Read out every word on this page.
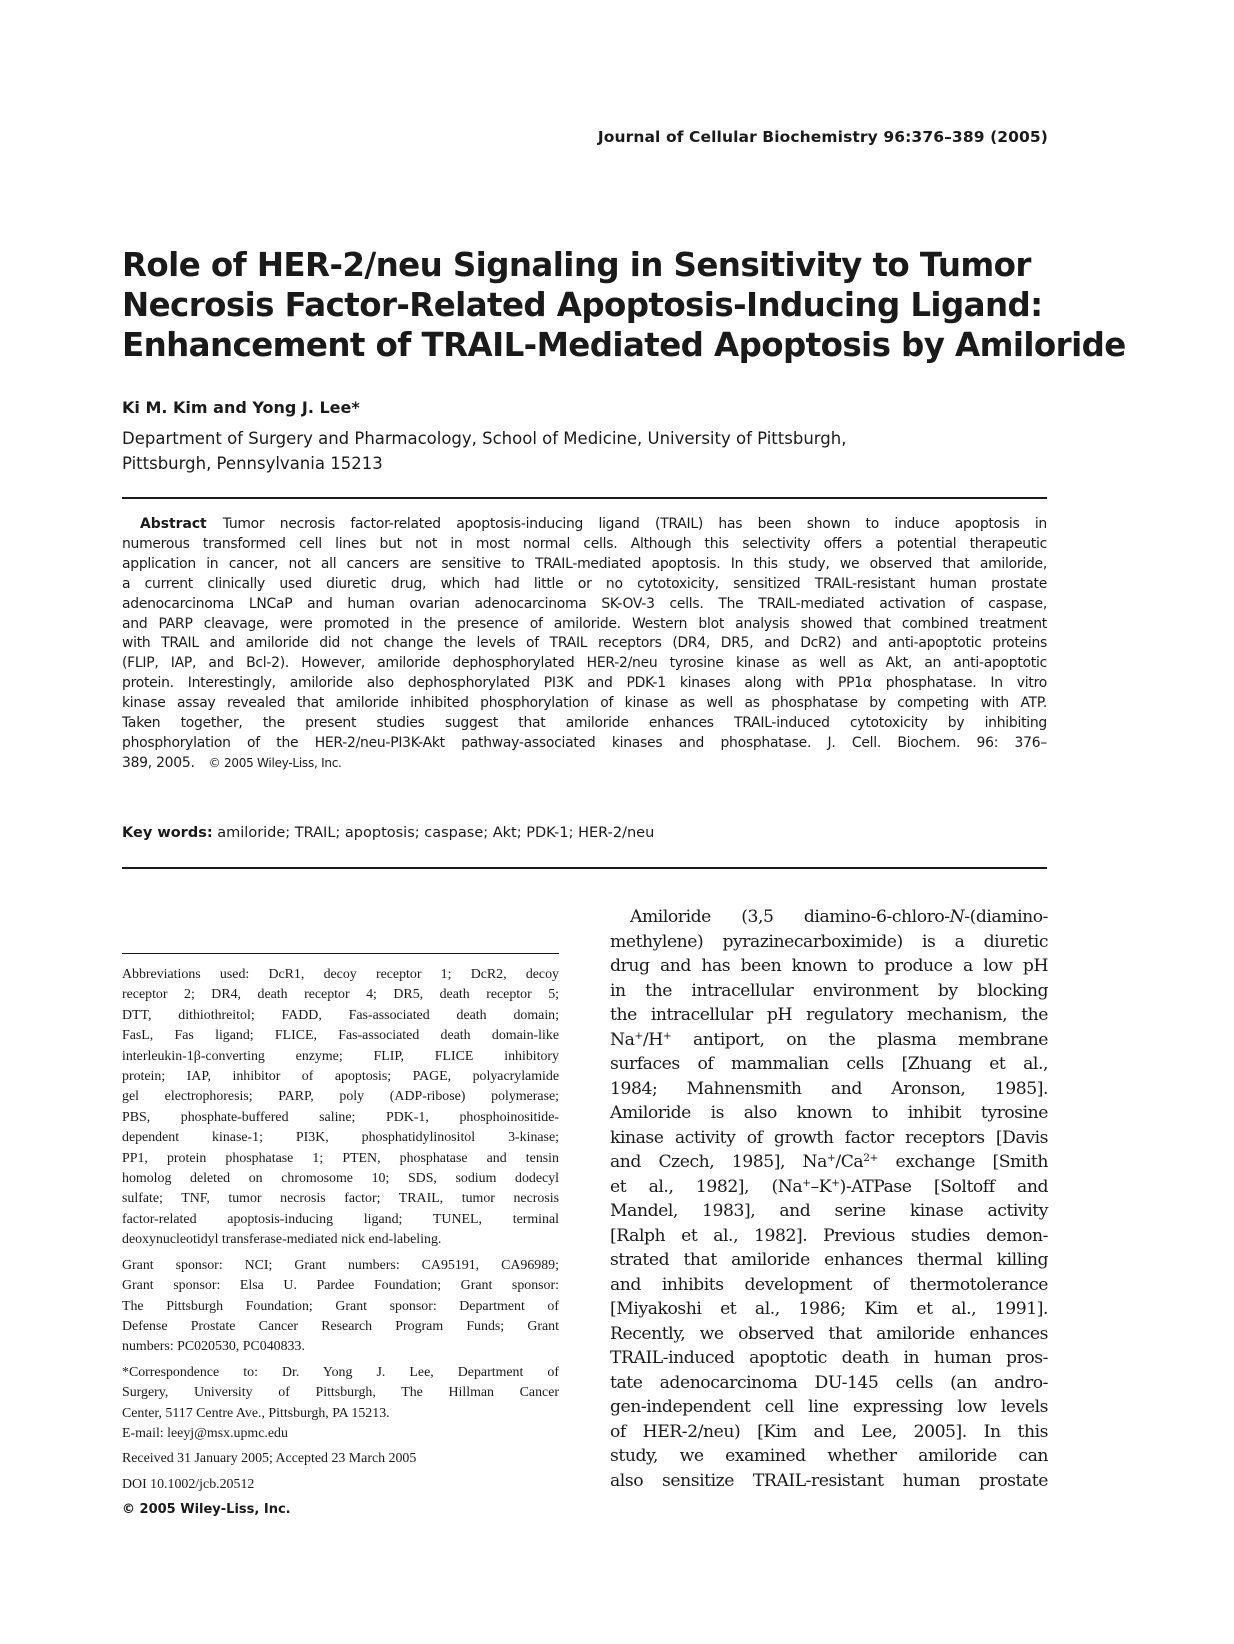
Journal of Cellular Biochemistry 96:376–389 (2005)
Role of HER-2/neu Signaling in Sensitivity to Tumor
Necrosis Factor-Related Apoptosis-Inducing Ligand:
Enhancement of TRAIL-Mediated Apoptosis by Amiloride
Ki M. Kim and Yong J. Lee*
Department of Surgery and Pharmacology, School of Medicine, University of Pittsburgh,
Pittsburgh, Pennsylvania 15213
Abstract Tumor necrosis factor-related apoptosis-inducing ligand (TRAIL) has been shown to induce apoptosis in
numerous transformed cell lines but not in most normal cells. Although this selectivity offers a potential therapeutic
application in cancer, not all cancers are sensitive to TRAIL-mediated apoptosis. In this study, we observed that amiloride,
a current clinically used diuretic drug, which had little or no cytotoxicity, sensitized TRAIL-resistant human prostate
adenocarcinoma LNCaP and human ovarian adenocarcinoma SK-OV-3 cells. The TRAIL-mediated activation of caspase,
and PARP cleavage, were promoted in the presence of amiloride. Western blot analysis showed that combined treatment
with TRAIL and amiloride did not change the levels of TRAIL receptors (DR4, DR5, and DcR2) and anti-apoptotic proteins
(FLIP, IAP, and Bcl-2). However, amiloride dephosphorylated HER-2/neu tyrosine kinase as well as Akt, an anti-apoptotic
protein. Interestingly, amiloride also dephosphorylated PI3K and PDK-1 kinases along with PP1α phosphatase. In vitro
kinase assay revealed that amiloride inhibited phosphorylation of kinase as well as phosphatase by competing with ATP.
Taken together, the present studies suggest that amiloride enhances TRAIL-induced cytotoxicity by inhibiting
phosphorylation of the HER-2/neu-PI3K-Akt pathway-associated kinases and phosphatase. J. Cell. Biochem. 96: 376–
389, 2005. © 2005 Wiley-Liss, Inc.
Key words: amiloride; TRAIL; apoptosis; caspase; Akt; PDK-1; HER-2/neu
Abbreviations used: DcR1, decoy receptor 1; DcR2, decoy
receptor 2; DR4, death receptor 4; DR5, death receptor 5;
DTT, dithiothreitol; FADD, Fas-associated death domain;
FasL, Fas ligand; FLICE, Fas-associated death domain-like
interleukin-1β-converting enzyme; FLIP, FLICE inhibitory
protein; IAP, inhibitor of apoptosis; PAGE, polyacrylamide
gel electrophoresis; PARP, poly (ADP-ribose) polymerase;
PBS, phosphate-buffered saline; PDK-1, phosphoinositide-
dependent kinase-1; PI3K, phosphatidylinositol 3-kinase;
PP1, protein phosphatase 1; PTEN, phosphatase and tensin
homolog deleted on chromosome 10; SDS, sodium dodecyl
sulfate; TNF, tumor necrosis factor; TRAIL, tumor necrosis
factor-related apoptosis-inducing ligand; TUNEL, terminal
deoxynucleotidyl transferase-mediated nick end-labeling.
Grant sponsor: NCI; Grant numbers: CA95191, CA96989;
Grant sponsor: Elsa U. Pardee Foundation; Grant sponsor:
The Pittsburgh Foundation; Grant sponsor: Department of
Defense Prostate Cancer Research Program Funds; Grant
numbers: PC020530, PC040833.
*Correspondence to: Dr. Yong J. Lee, Department of
Surgery, University of Pittsburgh, The Hillman Cancer
Center, 5117 Centre Ave., Pittsburgh, PA 15213.
E-mail: leeyj@msx.upmc.edu
Received 31 January 2005; Accepted 23 March 2005
DOI 10.1002/jcb.20512
© 2005 Wiley-Liss, Inc.
Amiloride (3,5 diamino-6-chloro-N-(diamino-
methylene) pyrazinecarboximide) is a diuretic
drug and has been known to produce a low pH
in the intracellular environment by blocking
the intracellular pH regulatory mechanism, the
Na+/H+ antiport, on the plasma membrane
surfaces of mammalian cells [Zhuang et al.,
1984; Mahnensmith and Aronson, 1985].
Amiloride is also known to inhibit tyrosine
kinase activity of growth factor receptors [Davis
and Czech, 1985], $Na^+/Ca^{2+}$ exchange [Smith
et al., 1982], (Na+–K+)-ATPase [Soltoff and
Mandel, 1983], and serine kinase activity
[Ralph et al., 1982]. Previous studies demon-
strated that amiloride enhances thermal killing
and inhibits development of thermotolerance
[Miyakoshi et al., 1986; Kim et al., 1991].
Recently, we observed that amiloride enhances
TRAIL-induced apoptotic death in human pros-
tate adenocarcinoma DU-145 cells (an andro-
gen-independent cell line expressing low levels
of HER-2/neu) [Kim and Lee, 2005]. In this
study, we examined whether amiloride can
also sensitize TRAIL-resistant human prostate
